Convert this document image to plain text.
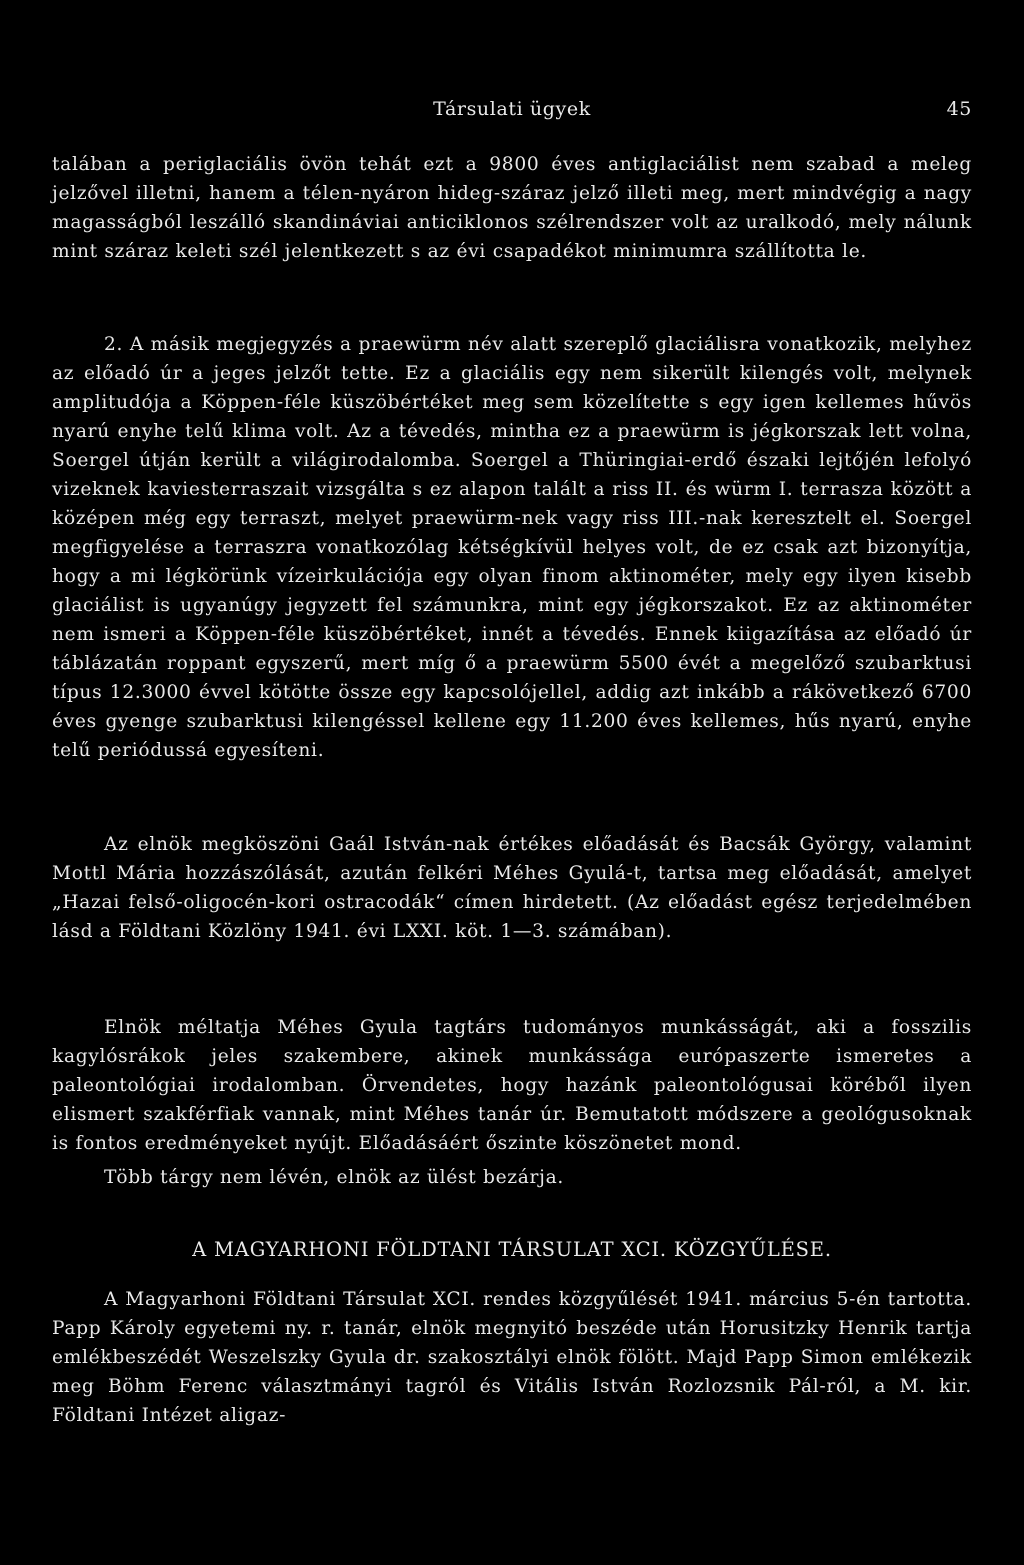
Társulati ügyek	45

talában a periglaciális övön tehát ezt a 9800 éves antiglaciálist nem szabad a meleg jelzővel illetni, hanem a télen-nyáron hideg-száraz jelző illeti meg, mert mindvégig a nagy magasságból leszálló skandináviai anticiklonos szélrendszer volt az uralkodó, mely nálunk mint száraz keleti szél jelentkezett s az évi csapadékot minimumra szállította le.

2. A másik megjegyzés a praewürm név alatt szereplő glaciálisra vonatkozik, melyhez az előadó úr a jeges jelzőt tette. Ez a glaciális egy nem sikerült kilengés volt, melynek amplitudója a Köppen-féle küszöbértéket meg sem közelítette s egy igen kellemes hűvös nyarú enyhe telű klima volt. Az a tévedés, mintha ez a praewürm is jégkorszak lett volna, Soergel útján került a világirodalomba. Soergel a Thüringiai-erdő északi lejtőjén lefolyó vizeknek kaviesterraszait vizsgálta s ez alapon talált a riss II. és würm I. terrasza között a középen még egy terraszt, melyet praewürm-nek vagy riss III.-nak keresztelt el. Soergel megfigyelése a terraszra vonatkozólag kétségkívül helyes volt, de ez csak azt bizonyítja, hogy a mi légkörünk vízeirkulációja egy olyan finom aktinométer, mely egy ilyen kisebb glaciálist is ugyanúgy jegyzett fel számunkra, mint egy jégkorszakot. Ez az aktinométer nem ismeri a Köppen-féle küszöbértéket, innét a tévedés. Ennek kiigazítása az előadó úr táblázatán roppant egyszerű, mert míg ő a praewürm 5500 évét a megelőző szubarktusi típus 12.3000 évvel kötötte össze egy kapcsolójellel, addig azt inkább a rákövetkező 6700 éves gyenge szubarktusi kilengéssel kellene egy 11.200 éves kellemes, hűs nyarú, enyhe telű periódussá egyesíteni.

Az elnök megköszöni Gaál István-nak értékes előadását és Bacsák György, valamint Mottl Mária hozzászólását, azután felkéri Méhes Gyulá-t, tartsa meg előadását, amelyet „Hazai felső-oligocén-kori ostracodák“ címen hirdetett. (Az előadást egész terjedelmében lásd a Földtani Közlöny 1941. évi LXXI. köt. 1—3. számában).

Elnök méltatja Méhes Gyula tagtárs tudományos munkásságát, aki a fosszilis kagylósrákok jeles szakembere, akinek munkássága európaszerte ismeretes a paleontológiai irodalomban. Örvendetes, hogy hazánk paleontológusai köréből ilyen elismert szakférfiak vannak, mint Méhes tanár úr. Bemutatott módszere a geológusoknak is fontos eredményeket nyújt. Előadásáért őszinte köszönetet mond.

Több tárgy nem lévén, elnök az ülést bezárja.

A MAGYARHONI FÖLDTANI TÁRSULAT XCI. KÖZGYŰLÉSE.

A Magyarhoni Földtani Társulat XCI. rendes közgyűlését 1941. március 5-én tartotta. Papp Károly egyetemi ny. r. tanár, elnök megnyitó beszéde után Horusitzky Henrik tartja emlékbeszédét Weszelszky Gyula dr. szakosztályi elnök fölött. Majd Papp Simon emlékezik meg Böhm Ferenc választmányi tagról és Vitális István Rozlozsnik Pál-ról, a M. kir. Földtani Intézet aligaz-
